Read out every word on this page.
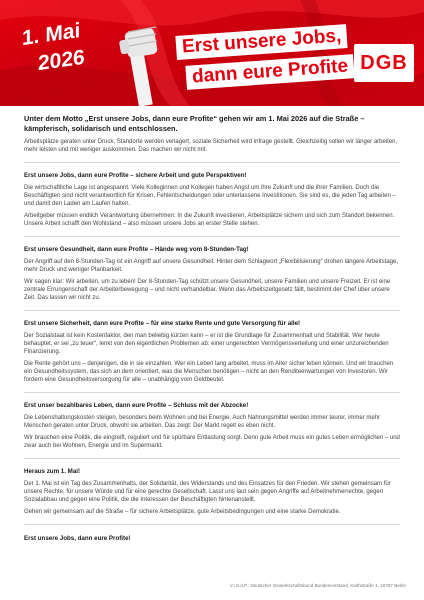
1. Mai
2026
Erst unsere Jobs,
dann eure Profite DGB
Unter dem Motto „Erst unsere Jobs, dann eure Profite“ gehen wir am 1. Mai 2026 auf die Straße – kämpferisch, solidarisch und entschlossen.

Arbeitsplätze geraten unter Druck, Standorte werden verlagert, soziale Sicherheit wird infrage gestellt. Gleichzeitig sollen wir länger arbeiten, mehr leisten und mit weniger auskommen. Das machen wir nicht mit.

Erst unsere Jobs, dann eure Profite – sichere Arbeit und gute Perspektiven!

Die wirtschaftliche Lage ist angespannt. Viele Kolleginnen und Kollegen haben Angst um ihre Zukunft und die ihrer Familien. Doch die Beschäftigten sind nicht verantwortlich für Krisen, Fehlentscheidungen oder unterlassene Investitionen. Sie sind es, die jeden Tag arbeiten – und damit den Laden am Laufen halten.

Arbeitgeber müssen endlich Verantwortung übernehmen: In die Zukunft investieren, Arbeitsplätze sichern und sich zum Standort bekennen. Unsere Arbeit schafft den Wohlstand – also müssen unsere Jobs an erster Stelle stehen.

Erst unsere Gesundheit, dann eure Profite – Hände weg vom 8-Stunden-Tag!

Der Angriff auf den 8-Stunden-Tag ist ein Angriff auf unsere Gesundheit. Hinter dem Schlagwort „Flexibilisierung“ drohen längere Arbeitstage, mehr Druck und weniger Planbarkeit.

Wir sagen klar: Wir arbeiten, um zu leben! Der 8-Stunden-Tag schützt unsere Gesundheit, unsere Familien und unsere Freizeit. Er ist eine zentrale Errungenschaft der Arbeiterbewegung – und nicht verhandelbar. Wenn das Arbeitszeitgesetz fällt, bestimmt der Chef über unsere Zeit. Das lassen wir nicht zu.

Erst unsere Sicherheit, dann eure Profite – für eine starke Rente und gute Versorgung für alle!

Der Sozialstaat ist kein Kostenfaktor, den man beliebig kürzen kann – er ist die Grundlage für Zusammenhalt und Stabilität. Wer heute behauptet, er sei „zu teuer“, lenkt von den eigentlichen Problemen ab: einer ungerechten Vermögensverteilung und einer unzureichenden Finanzierung.

Die Rente gehört uns – denjenigen, die in sie einzahlen. Wer ein Leben lang arbeitet, muss im Alter sicher leben können. Und wir brauchen ein Gesundheitssystem, das sich an dem orientiert, was die Menschen benötigen – nicht an den Renditeerwartungen von Investoren. Wir fordern eine Gesundheitsversorgung für alle – unabhängig vom Geldbeutel.

Erst unser bezahlbares Leben, dann eure Profite – Schluss mit der Abzocke!

Die Lebenshaltungskosten steigen, besonders beim Wohnen und bei Energie. Auch Nahrungsmittel werden immer teurer, immer mehr Menschen geraten unter Druck, obwohl sie arbeiten. Das zeigt: Der Markt regelt es eben nicht.

Wir brauchen eine Politik, die eingreift, reguliert und für spürbare Entlastung sorgt. Denn gute Arbeit muss ein gutes Leben ermöglichen – und zwar auch bei Wohnen, Energie und im Supermarkt.

Heraus zum 1. Mai!

Der 1. Mai ist ein Tag des Zusammenhalts, der Solidarität, des Widerstands und des Einsatzes für den Frieden. Wir stehen gemeinsam für unsere Rechte, für unsere Würde und für eine gerechte Gesellschaft. Lasst uns laut sein gegen Angriffe auf Arbeitnehmerrechte, gegen Sozialabbau und gegen eine Politik, die die Interessen der Beschäftigten hintenanstellt.

Gehen wir gemeinsam auf die Straße – für sichere Arbeitsplätze, gute Arbeitsbedingungen und eine starke Demokratie.

Erst unsere Jobs, dann eure Profite!
V.i.S.d.P.: Deutscher Gewerkschaftsbund Bundesvorstand, Keithstraße 1, 10787 Berlin
